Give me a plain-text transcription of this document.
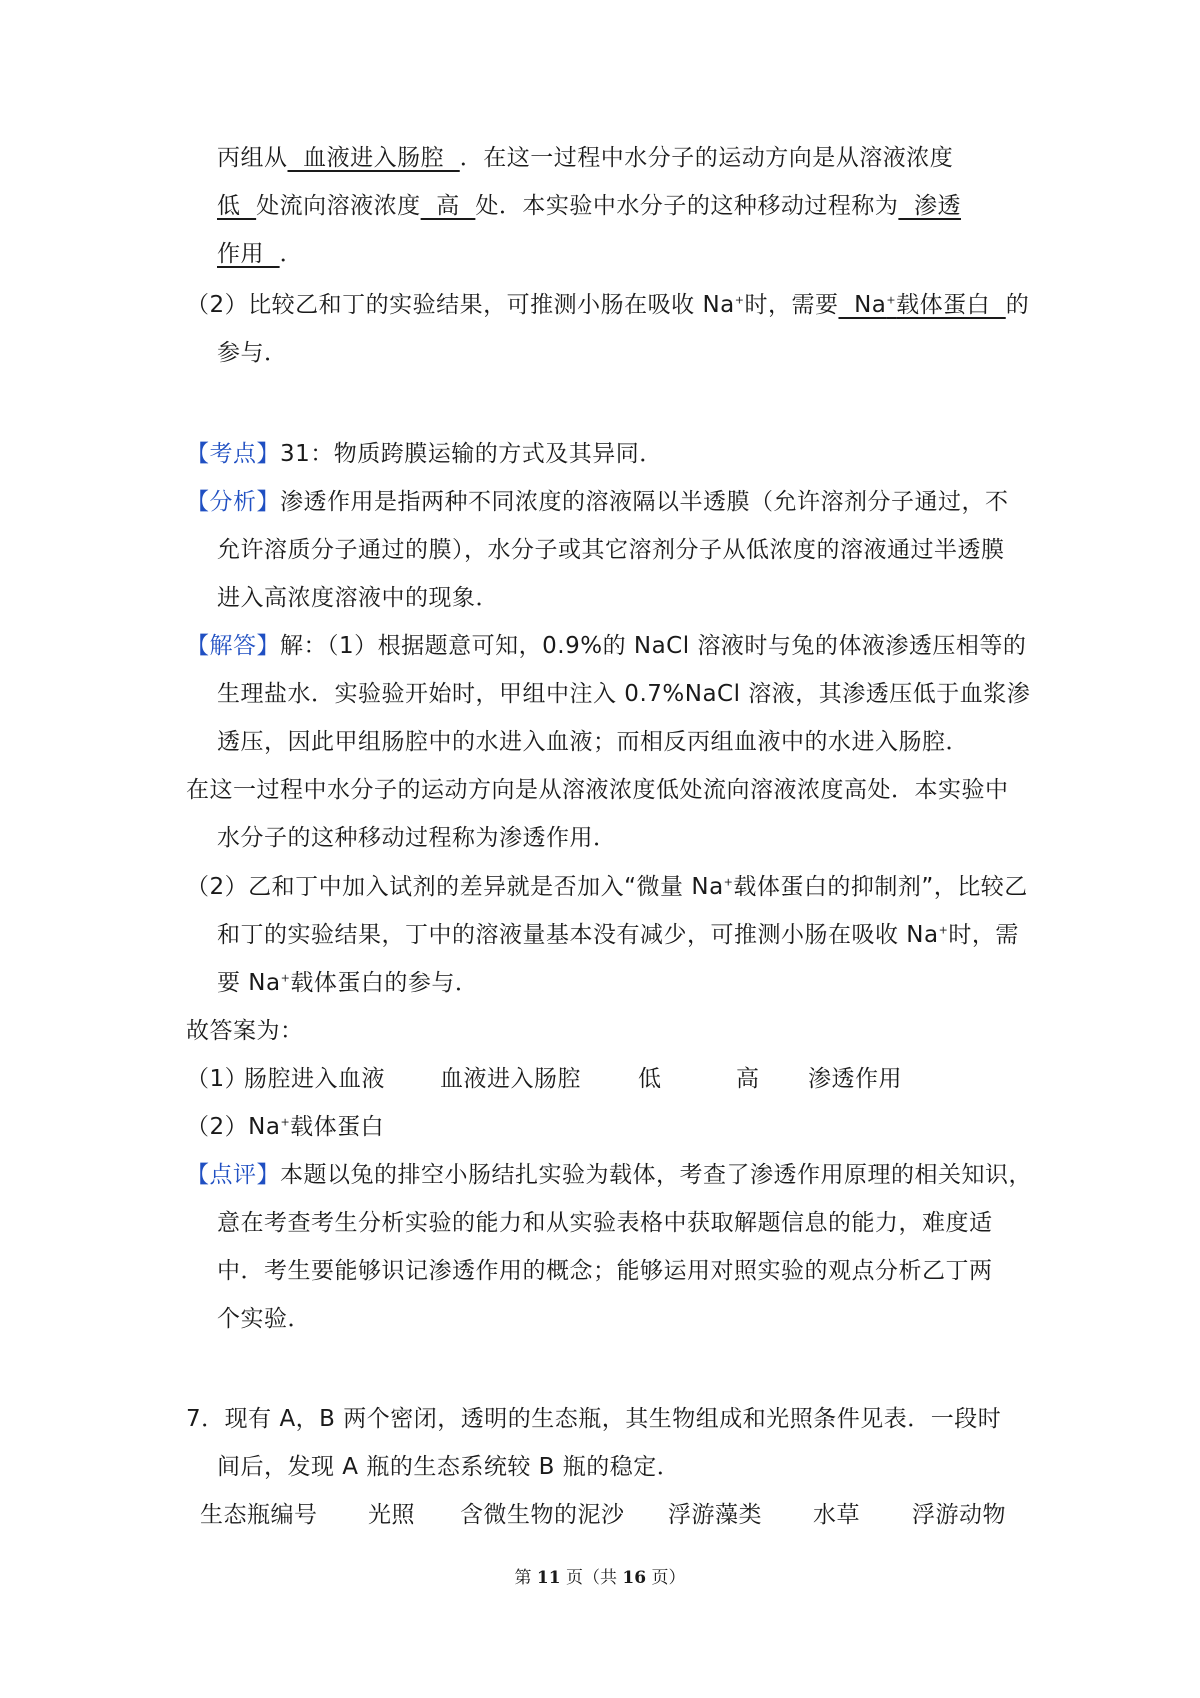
丙组从  血液进入肠腔  ．在这一过程中水分子的运动方向是从溶液浓度
低  处流向溶液浓度  高  处．本实验中水分子的这种移动过程称为  渗透
作用  ．
（2）比较乙和丁的实验结果，可推测小肠在吸收 Na+时，需要  Na+载体蛋白  的
参与．
【考点】31：物质跨膜运输的方式及其异同．
【分析】渗透作用是指两种不同浓度的溶液隔以半透膜（允许溶剂分子通过，不
允许溶质分子通过的膜），水分子或其它溶剂分子从低浓度的溶液通过半透膜
进入高浓度溶液中的现象．
【解答】解：（1）根据题意可知，0.9%的 NaCl 溶液时与兔的体液渗透压相等的
生理盐水．实验验开始时，甲组中注入 0.7%NaCl 溶液，其渗透压低于血浆渗
透压，因此甲组肠腔中的水进入血液；而相反丙组血液中的水进入肠腔．
在这一过程中水分子的运动方向是从溶液浓度低处流向溶液浓度高处．本实验中
水分子的这种移动过程称为渗透作用．
（2）乙和丁中加入试剂的差异就是否加入“微量 Na+载体蛋白的抑制剂”，比较乙
和丁的实验结果，丁中的溶液量基本没有减少，可推测小肠在吸收 Na+时，需
要 Na+载体蛋白的参与．
故答案为：
（1）
肠腔进入血液 血液进入肠腔 低	高 渗透作用
（2）Na+载体蛋白
【点评】本题以兔的排空小肠结扎实验为载体，考查了渗透作用原理的相关知识，
意在考查考生分析实验的能力和从实验表格中获取解题信息的能力，难度适
中．考生要能够识记渗透作用的概念；能够运用对照实验的观点分析乙丁两
个实验．
7．现有 A，B 两个密闭，透明的生态瓶，其生物组成和光照条件见表．一段时
间后，发现 A 瓶的生态系统较 B 瓶的稳定．
生态瓶编号 光照 含微生物的泥沙 浮游藻类 水草 浮游动物
第 11 页（共 16 页）
